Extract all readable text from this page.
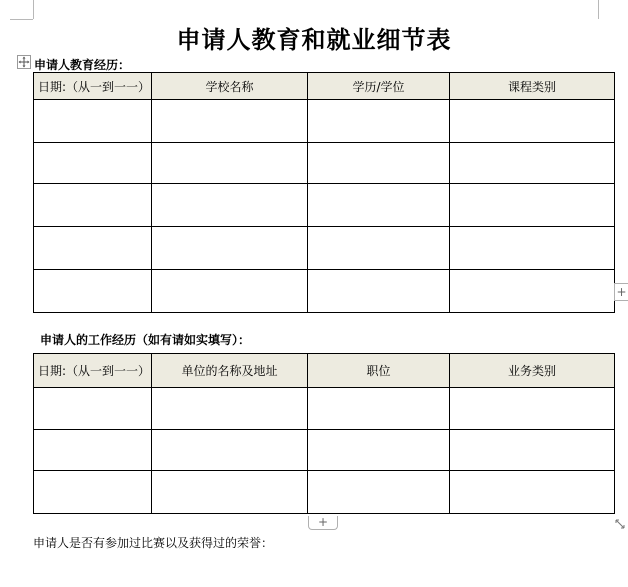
申请人教育和就业细节表
申请人教育经历：
日期:（从一到一一）	学校名称	学历/学位	课程类别

+
申请人的工作经历（如有请如实填写）：
日期:（从一到一一）	单位的名称及地址	职位	业务类别

+
申请人是否有参加过比赛以及获得过的荣誉：
